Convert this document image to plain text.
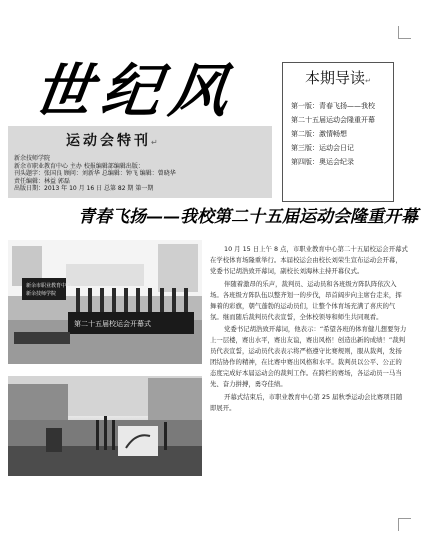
世纪风	本期导读↵
第一版：青春飞扬——我校
第二十五届运动会隆重开幕
第二版：激情畅想
第三版：运动会日记
第四版：奥运会纪录
运动会特刊↵
新余技师学院
新余市职业教育中心 主办 校报编辑部编辑出版：
刊头题字：张国良 顾问：刘新华 总编辑：钟飞 编辑：曾晓华
责任编辑：林益 郭磊
出版日期：2013 年 10 月 16 日 总第 82 期 第一期
青春飞扬——我校第二十五届运动会隆重开幕
新余市职业教育中心
新余技师学院
第二十五届校运会开幕式

10 月 15 日上午 8 点，市职业教育中心第二十五届校运会开幕式在学校体育场隆重举行。本届校运会由校长刘荣生宣布运动会开幕，党委书记胡浩致开幕词，副校长刘海林主持开幕仪式。

伴随着激昂的乐声，裁判员、运动员和各班级方阵队阵依次入场。各班级方阵队伍以整齐划一的步伐，昂首阔步向主席台走来，挥舞着的彩旗，朝气蓬勃的运动员们，让整个体育场充满了喜庆的气氛。继而随后裁判员代表宣誓，全体校领导和师生共同观看。

党委书记胡浩致开幕词，他表示：“希望各班的体育健儿想要努力上一层楼，赛出水平，赛出友谊，赛出风格！创造出新的成绩！”裁判员代表宣誓，运动员代表表示将严格遵守比赛规则，服从裁判，发扬团结协作的精神，在比赛中赛出风格和水平。裁判员以公平、公正的态度完成好本届运动会的裁判工作。在跨栏的赛场，各运动员一马当先、奋力拼搏，勇夺佳绩。

开幕式结束后，市职业教育中心第 25 届秋季运动会比赛项目随即展开。
